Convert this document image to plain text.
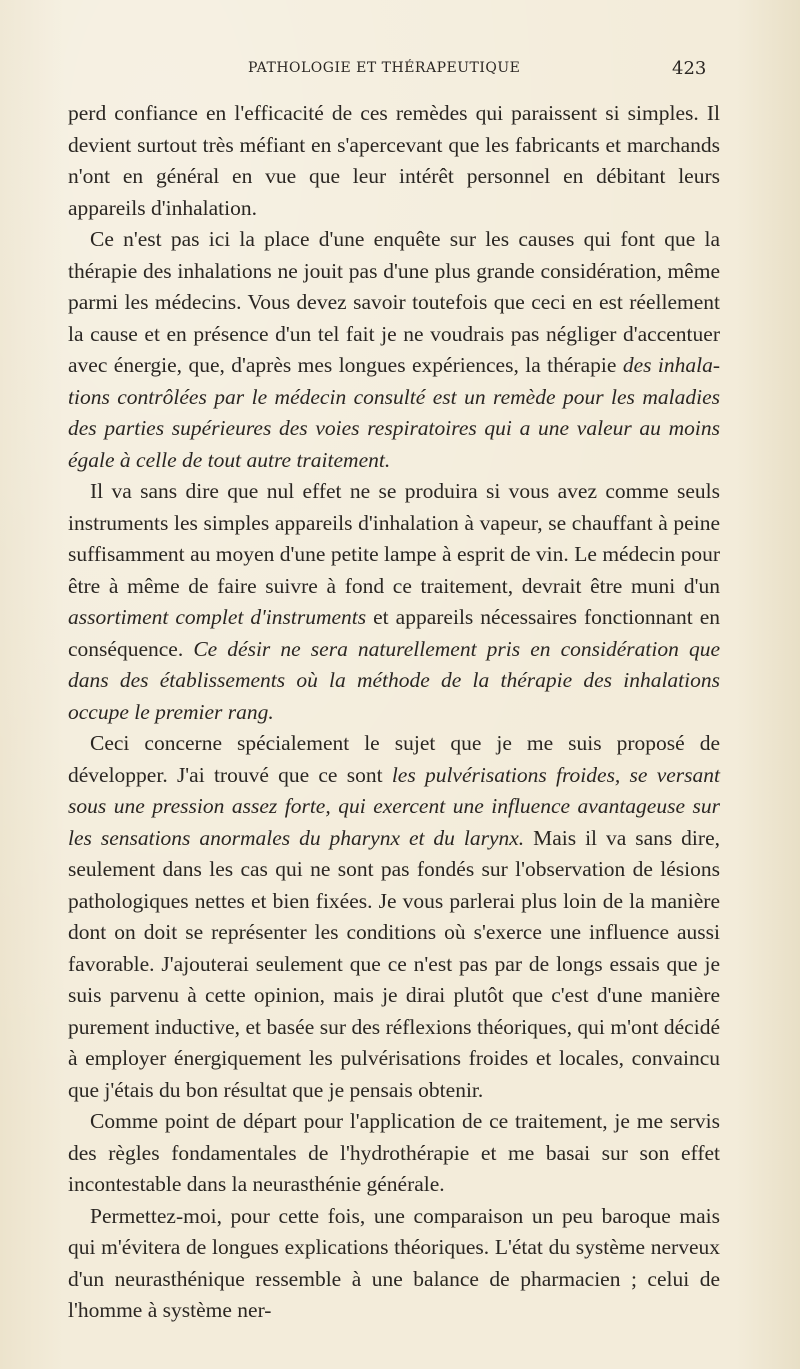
PATHOLOGIE ET THÉRAPEUTIQUE	423

perd confiance en l'efficacité de ces remèdes qui paraissent si simples. Il devient surtout très méfiant en s'apercevant que les fabricants et marchands n'ont en général en vue que leur intérêt personnel en débitant leurs appareils d'inhalation.

Ce n'est pas ici la place d'une enquête sur les causes qui font que la thérapie des inhalations ne jouit pas d'une plus grande considération, même parmi les médecins. Vous devez savoir toutefois que ceci en est réellement la cause et en présence d'un tel fait je ne voudrais pas négliger d'accentuer avec énergie, que, d'après mes longues expériences, la thérapie des inhalations contrôlées par le médecin consulté est un remède pour les maladies des parties supérieures des voies respiratoires qui a une valeur au moins égale à celle de tout autre traitement.

Il va sans dire que nul effet ne se produira si vous avez comme seuls instruments les simples appareils d'inhalation à vapeur, se chauffant à peine suffisamment au moyen d'une petite lampe à esprit de vin. Le médecin pour être à même de faire suivre à fond ce traitement, devrait être muni d'un assortiment complet d'instruments et appareils nécessaires fonctionnant en conséquence. Ce désir ne sera naturellement pris en considération que dans des établissements où la méthode de la thérapie des inhalations occupe le premier rang.

Ceci concerne spécialement le sujet que je me suis proposé de développer. J'ai trouvé que ce sont les pulvérisations froides, se versant sous une pression assez forte, qui exercent une influence avantageuse sur les sensations anormales du pharynx et du larynx. Mais il va sans dire, seulement dans les cas qui ne sont pas fondés sur l'observation de lésions pathologiques nettes et bien fixées. Je vous parlerai plus loin de la manière dont on doit se représenter les conditions où s'exerce une influence aussi favorable. J'ajouterai seulement que ce n'est pas par de longs essais que je suis parvenu à cette opinion, mais je dirai plutôt que c'est d'une manière purement inductive, et basée sur des réflexions théoriques, qui m'ont décidé à employer énergiquement les pulvérisations froides et locales, convaincu que j'étais du bon résultat que je pensais obtenir.

Comme point de départ pour l'application de ce traitement, je me servis des règles fondamentales de l'hydrothérapie et me basai sur son effet incontestable dans la neurasthénie générale.

Permettez-moi, pour cette fois, une comparaison un peu baroque mais qui m'évitera de longues explications théoriques. L'état du système nerveux d'un neurasthénique ressemble à une balance de pharmacien ; celui de l'homme à système ner-
